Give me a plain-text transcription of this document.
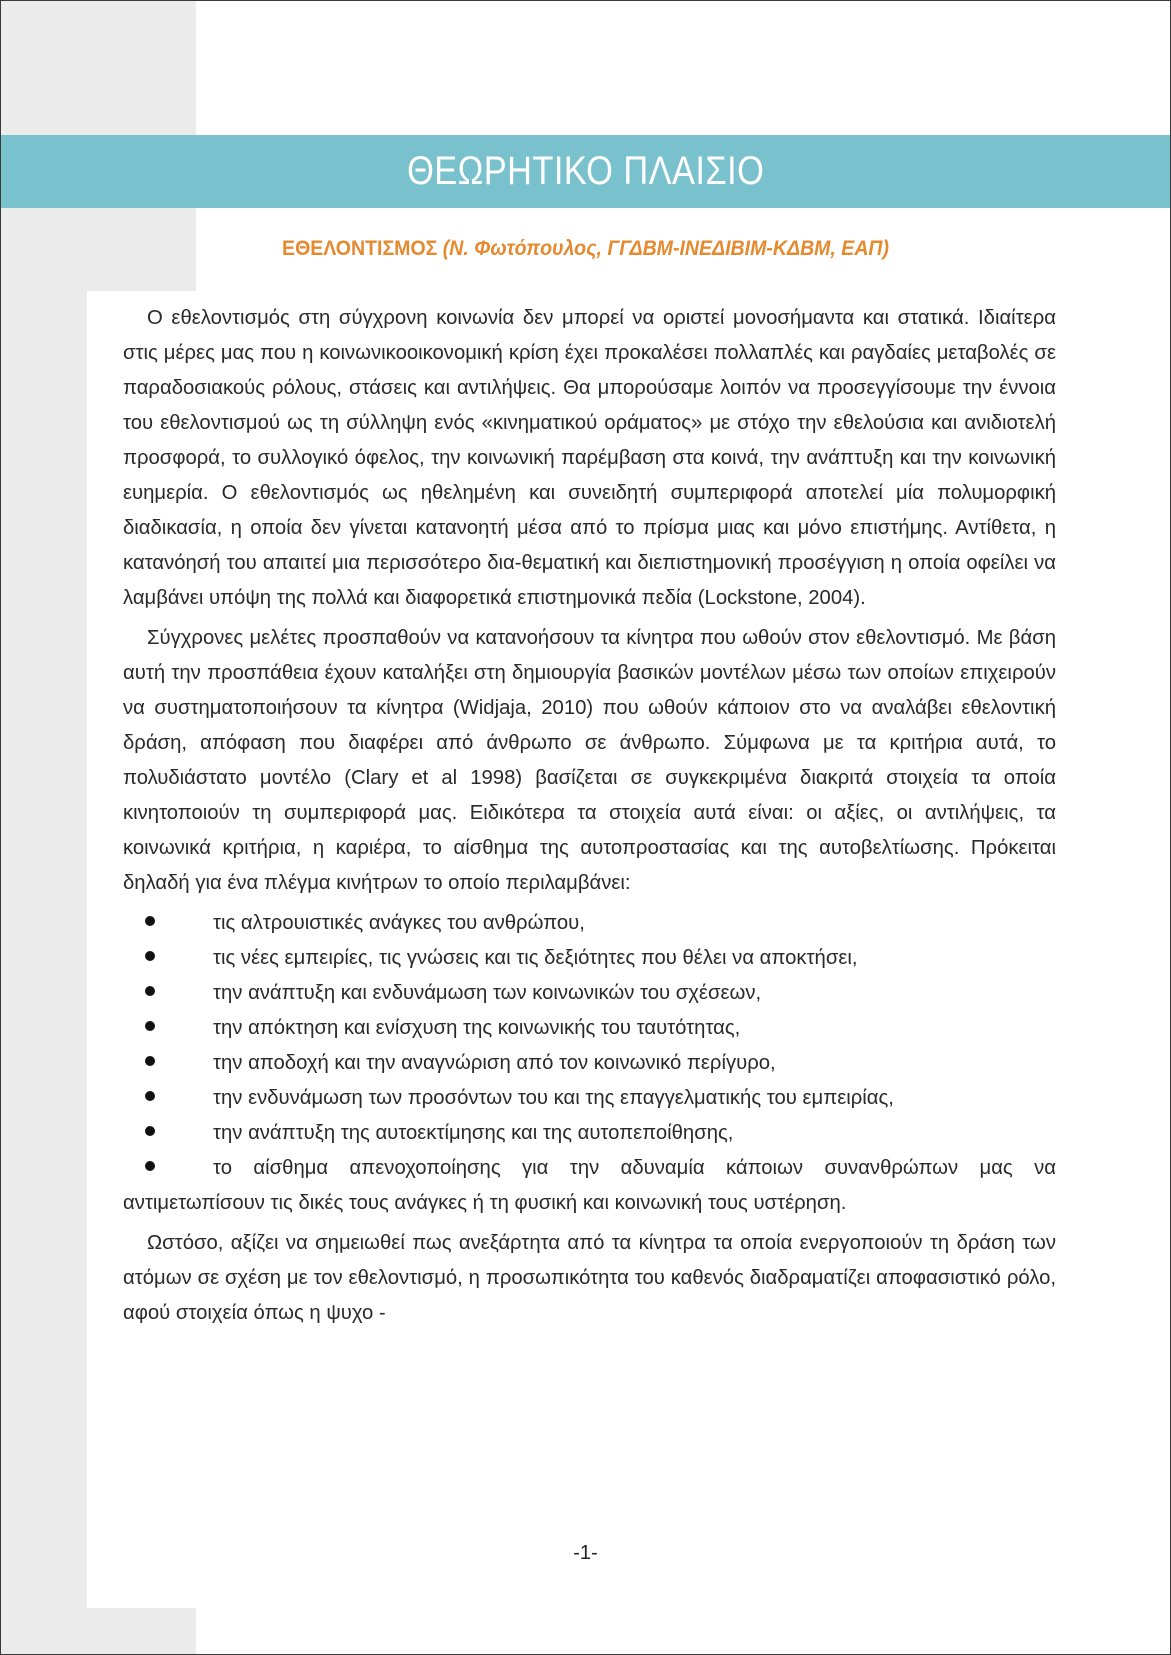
ΘΕΩΡΗΤΙΚΟ ΠΛΑΙΣΙΟ
ΕΘΕΛΟΝΤΙΣΜΟΣ (Ν. Φωτόπουλος, ΓΓΔΒΜ-ΙΝΕΔΙΒΙΜ-ΚΔΒΜ, ΕΑΠ)

Ο εθελοντισμός στη σύγχρονη κοινωνία δεν μπορεί να οριστεί μονοσήμαντα και στατικά. Ιδιαίτερα στις μέρες μας που η κοινωνικοοικονομική κρίση έχει προκαλέσει πολλαπλές και ραγδαίες μεταβολές σε παραδοσιακούς ρόλους, στάσεις και αντιλήψεις. Θα μπορούσαμε λοιπόν να προσεγγίσουμε την έννοια του εθελοντισμού ως τη σύλληψη ενός «κινηματικού οράματος» με στόχο την εθελούσια και ανιδιοτελή προσφορά, το συλλογικό όφελος, την κοινωνική παρέμβαση στα κοινά, την ανάπτυξη και την κοινωνική ευημερία. Ο εθελοντισμός ως ηθελημένη και συνειδητή συμπεριφορά αποτελεί μία πολυμορφική διαδικασία, η οποία δεν γίνεται κατανοητή μέσα από το πρίσμα μιας και μόνο επιστήμης. Αντίθετα, η κατανόησή του απαιτεί μια περισσότερο δια-θεματική και διεπιστημονική προσέγγιση η οποία οφείλει να λαμβάνει υπόψη της πολλά και διαφορετικά επιστημονικά πεδία (Lockstone, 2004).

Σύγχρονες μελέτες προσπαθούν να κατανοήσουν τα κίνητρα που ωθούν στον εθελοντισμό. Με βάση αυτή την προσπάθεια έχουν καταλήξει στη δημιουργία βασικών μοντέλων μέσω των οποίων επιχειρούν να συστηματοποιήσουν τα κίνητρα (Widjaja, 2010) που ωθούν κάποιον στο να αναλάβει εθελοντική δράση, απόφαση που διαφέρει από άνθρωπο σε άνθρωπο. Σύμφωνα με τα κριτήρια αυτά, το πολυδιάστατο μοντέλο (Clary et al 1998) βασίζεται σε συγκεκριμένα διακριτά στοιχεία τα οποία κινητοποιούν τη συμπεριφορά μας. Ειδικότερα τα στοιχεία αυτά είναι: οι αξίες, οι αντιλήψεις, τα κοινωνικά κριτήρια, η καριέρα, το αίσθημα της αυτοπροστασίας και της αυτοβελτίωσης. Πρόκειται δηλαδή για ένα πλέγμα κινήτρων το οποίο περιλαμβάνει:

τις αλτρουιστικές ανάγκες του ανθρώπου,
τις νέες εμπειρίες, τις γνώσεις και τις δεξιότητες που θέλει να αποκτήσει,
την ανάπτυξη και ενδυνάμωση των κοινωνικών του σχέσεων,
την απόκτηση και ενίσχυση της κοινωνικής του ταυτότητας,
την αποδοχή και την αναγνώριση από τον κοινωνικό περίγυρο,
την ενδυνάμωση των προσόντων του και της επαγγελματικής του εμπειρίας,
την ανάπτυξη της αυτοεκτίμησης και της αυτοπεποίθησης,
το αίσθημα απενοχοποίησης για την αδυναμία κάποιων συνανθρώπων μας να αντιμετωπίσουν τις δικές τους ανάγκες ή τη φυσική και κοινωνική τους υστέρηση.

Ωστόσο, αξίζει να σημειωθεί πως ανεξάρτητα από τα κίνητρα τα οποία ενεργοποιούν τη δράση των ατόμων σε σχέση με τον εθελοντισμό, η προσωπικότητα του καθενός διαδραματίζει αποφασιστικό ρόλο, αφού στοιχεία όπως η ψυχο -

-1-
